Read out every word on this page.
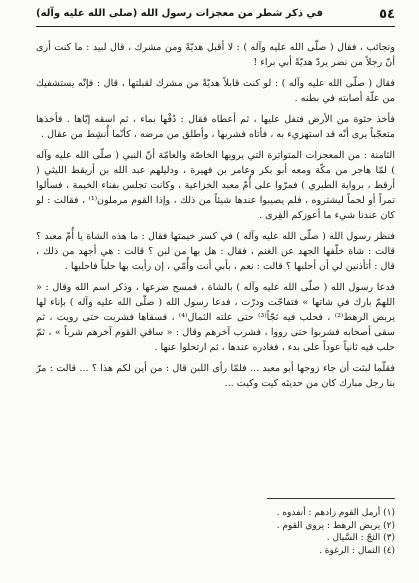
٥٤
في ذكر شطر من معجزات رسول الله (صلى الله عليه وآله)

ونجائب ، فقال ( صلّى الله عليه وآله ) : لا أقبل هديّةً ومن مشرك ، قال لبيد : ما كنت أرى أنّ رجلاً من نضر يردّ هديّةً أبي براء !

فقال ( صلّى الله عليه وآله ) : لو كنت قابلاً هديّةً من مشرك لقبلتها ، قال : فإنّه يستشفيك من علّة أصابته في بطنه .

فأخذ حثوة من الأرض فتفل عليها ، ثم أعطاه فقال : دُفْها بماء ، ثم اسقه إيّاها . فأخذها متعجّباً يرى أنّه قد استهزيء به ، فأتاه فشربها ، وأطلق من مرضه ، كأنّما أُنشِط من عقال .

الثامنة : من المعجزات المتواترة التي يرويها الخاصّة والعامّة أنّ النبي ( صلّى الله عليه وآله ) لمّا هاجر من مكّة ومعه أبو بكر وعامر بن فهيرة ، ودليلهم عبد الله بن أريقط الليثي ( أرقط ، برواية الطبري ) فمرّوا على أُمّ معبد الخزاعية ، وكانت تجلس بفناء الخيمة ، فسألوا تمراً أو لحماً ليشتروه ، فلم يصيبوا عندها شيئاً من ذلك ، وإذا القوم مرملون⁽¹⁾ ، فقالت : لو كان عندنا شيء ما أعوزكم القِرى .

فنظر رسول الله ( صلّى الله عليه وآله ) في كسر خيمتها فقال : ما هذه الشاة يا أُمّ معبد ؟ قالت : شاة خلّفها الجهد عن الغنم ، فقال : هل بها من لبن ؟ قالت : هي أجهد من ذلك ، قال : أتأذنين لي أن أحلبها ؟ قالت : نعم ، بأبي أنت وأُمّي ، إن رأيت بها حلباً فاحلبها .

فدعا رسول الله ( صلّى الله عليه وآله ) بالشاة ، فمسح ضرعها ، وذكر اسم الله وقال : « اللهمّ بارك في شاتها » فتفاجّت ودرّت ، فدعا رسول الله ( صلّى الله عليه وآله ) بإناء لها يربض الرهط⁽²⁾ ، فحلب فيه ثجّاً⁽³⁾ حتى علته الثمال⁽⁴⁾ ، فسقاها فشربت حتى رويت ، ثم سقى أصحابه فشربوا حتى رووا ، فشرب آخرهم وقال : « ساقي القوم آخرهم شرباً » ، ثمّ حلب فيه ثانياً عوداً على بدء ، فغادره عندها ، ثم ارتحلوا عنها .

فقلّما لبثت أن جاء زوجها أبو معبد ... فلمّا رأى اللبن قال : من أين لكم هذا ؟ ... قالت : مرّ بنا رجل مبارك كان من حديثه كيت وكيت ...

(١) أرمل القوم زادهم : أنفدوه .
(٢) يربض الرهط : يروي القوم .
(٣) الثجّ : السَّيال .
(٤) الثمال : الرغوة .
